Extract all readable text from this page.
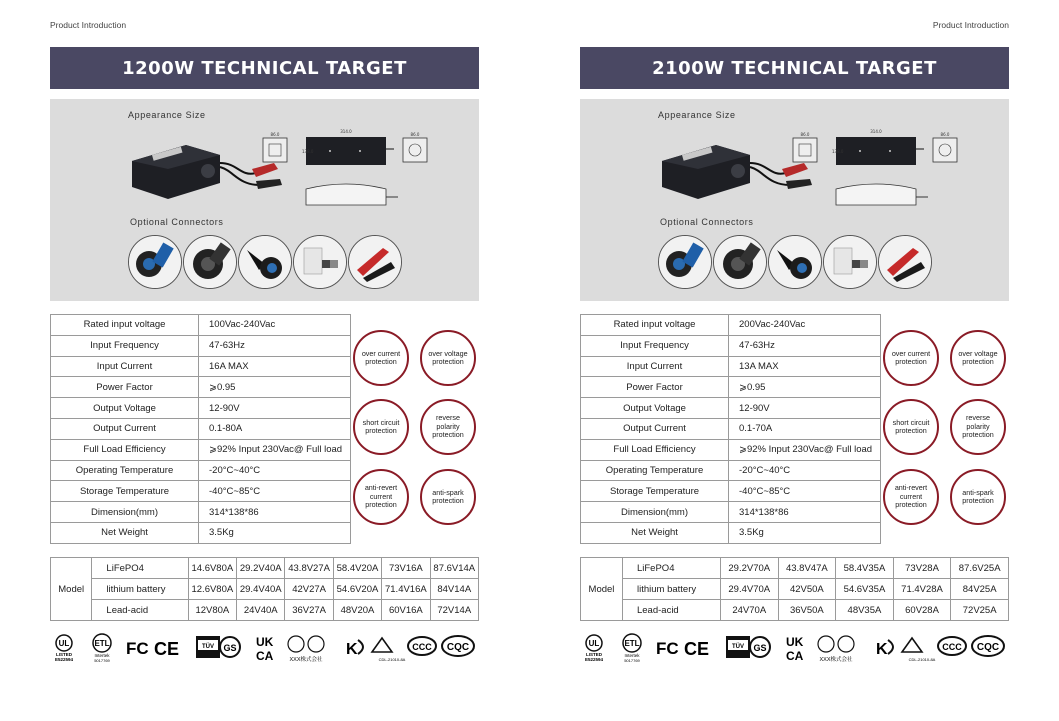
Product Introduction	Product Introduction
1200W TECHNICAL TARGET
Appearance Size
86.0
314.0
138.0
86.0
Optional Connectors
Rated input voltage	100Vac-240Vac
Input Frequency	47-63Hz
Input Current	16A MAX
Power Factor	⩾0.95
Output Voltage	12-90V
Output Current	0.1-80A
Full Load Efficiency	⩾92% Input 230Vac@ Full load
Operating Temperature	-20°C~40°C
Storage Temperature	-40°C~85°C
Dimension(mm)	314*138*86
Net Weight	3.5Kg
over current protection
over voltage protection
short circuit protection
reverse polarity protection
anti-revert current protection
anti-spark protection
Model	LiFePO4	14.6V80A	29.2V40A	43.8V27A	58.4V20A	73V16A	87.6V14A
	lithium battery	12.6V80A	29.4V40A	42V27A	54.6V20A	71.4V16A	84V14A
	Lead-acid	12V80A	24V40A	36V27A	48V20A	60V16A	72V14A
UL
LISTED
E522594
ETL
Intertek
5017769
FC CE	TÜV GS UK
CA	XXX株式会社
K
CDL-21010-8A
CCC CQC
2100W TECHNICAL TARGET
Appearance Size
86.0
314.0
138.0
86.0
Optional Connectors
Rated input voltage	200Vac-240Vac
Input Frequency	47-63Hz
Input Current	13A MAX
Power Factor	⩾0.95
Output Voltage	12-90V
Output Current	0.1-70A
Full Load Efficiency	⩾92% Input 230Vac@ Full load
Operating Temperature	-20°C~40°C
Storage Temperature	-40°C~85°C
Dimension(mm)	314*138*86
Net Weight	3.5Kg
over current protection
over voltage protection
short circuit protection
reverse polarity protection
anti-revert current protection
anti-spark protection
Model	LiFePO4	29.2V70A	43.8V47A	58.4V35A	73V28A	87.6V25A
	lithium battery	29.4V70A	42V50A	54.6V35A	71.4V28A	84V25A
	Lead-acid	24V70A	36V50A	48V35A	60V28A	72V25A
UL
LISTED
E522594
ETL
Intertek
5017769
FC CE	TÜV GS UK
CA	XXX株式会社
K
CDL-21010-8A
CCC CQC
